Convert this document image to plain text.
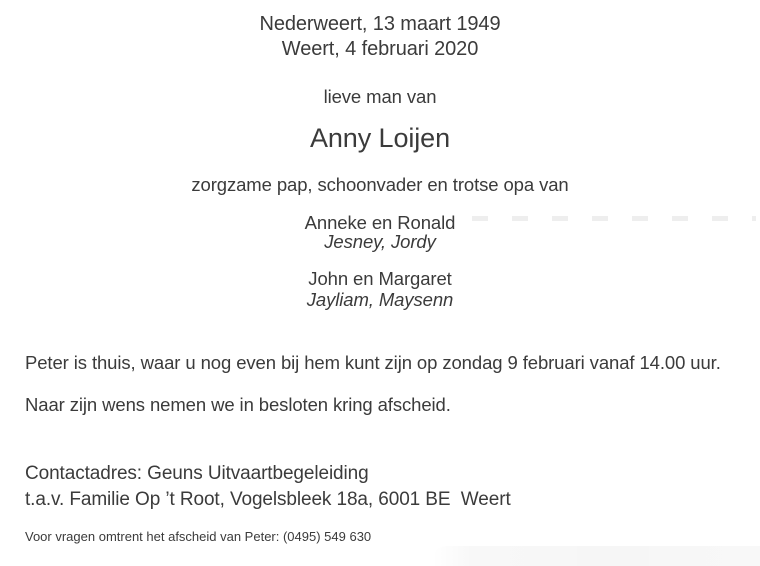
Nederweert, 13 maart 1949
Weert, 4 februari 2020
lieve man van
Anny Loijen
zorgzame pap, schoonvader en trotse opa van
Anneke en Ronald
Jesney, Jordy
John en Margaret
Jayliam, Maysenn
Peter is thuis, waar u nog even bij hem kunt zijn op zondag 9 februari vanaf 14.00 uur.
Naar zijn wens nemen we in besloten kring afscheid.
Contactadres: Geuns Uitvaartbegeleiding
t.a.v. Familie Op ’t Root, Vogelsbleek 18a, 6001 BE  Weert
Voor vragen omtrent het afscheid van Peter: (0495) 549 630
